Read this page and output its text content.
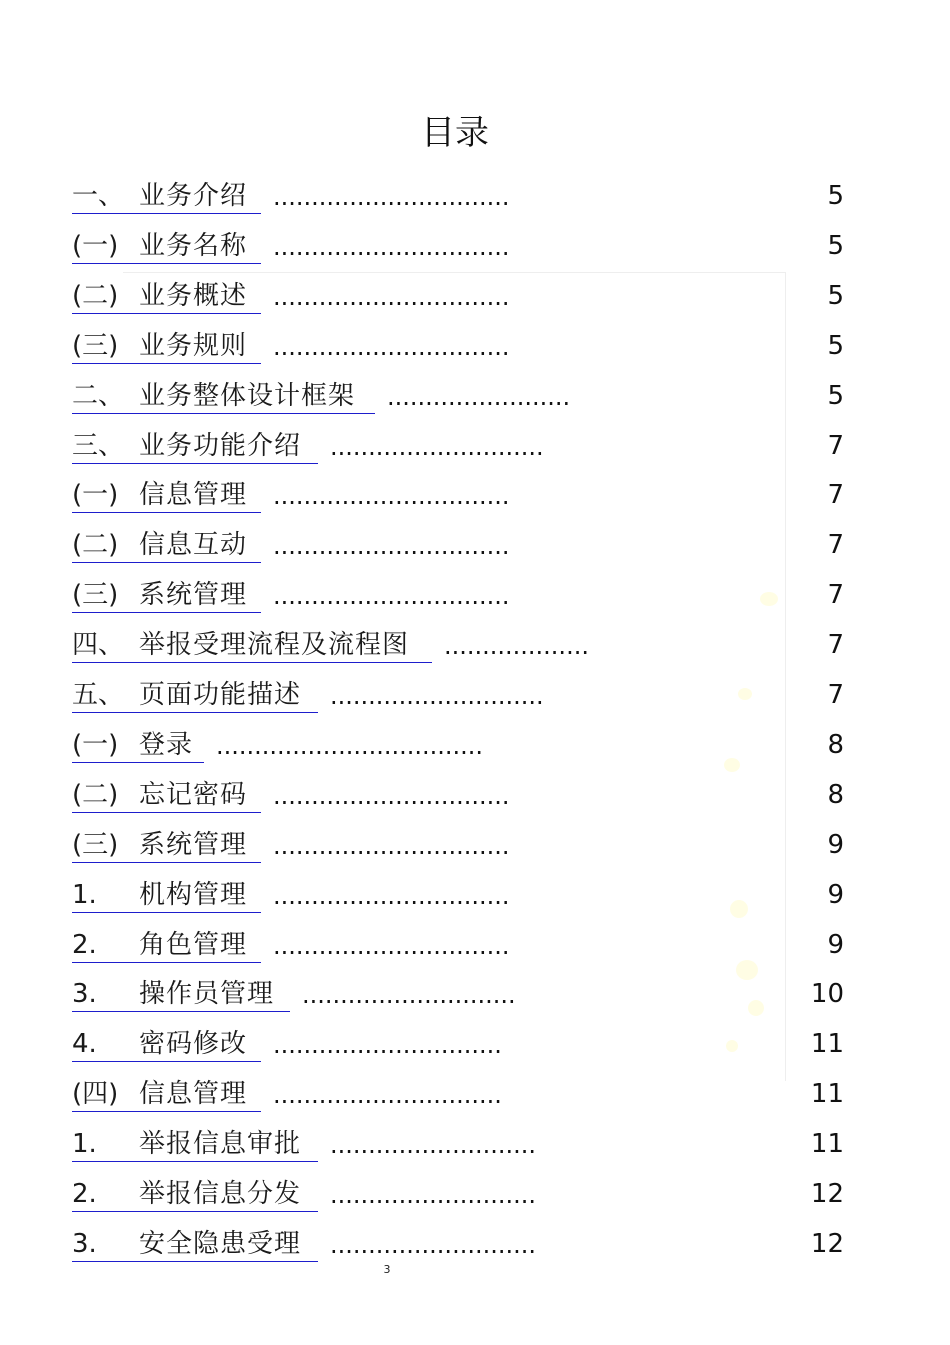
目录
一、 业务介绍 ...............................	5
(一) 业务名称 ...............................	5
(二) 业务概述 ...............................	5
(三) 业务规则 ...............................	5
二、 业务整体设计框架 ........................	5
三、 业务功能介绍 ............................	7
(一) 信息管理 ...............................	7
(二) 信息互动 ...............................	7
(三) 系统管理 ...............................	7
四、 举报受理流程及流程图 ...................	7
五、 页面功能描述 ............................	7
(一) 登录 ...................................	8
(二) 忘记密码 ...............................	8
(三) 系统管理 ...............................	9
1. 机构管理 ...............................	9
2. 角色管理 ...............................	9
3. 操作员管理 ............................	10
4. 密码修改 ..............................	11
(四) 信息管理 ..............................	11
1. 举报信息审批 ...........................	11
2. 举报信息分发 ...........................	12
3. 安全隐患受理 ...........................	12
3
